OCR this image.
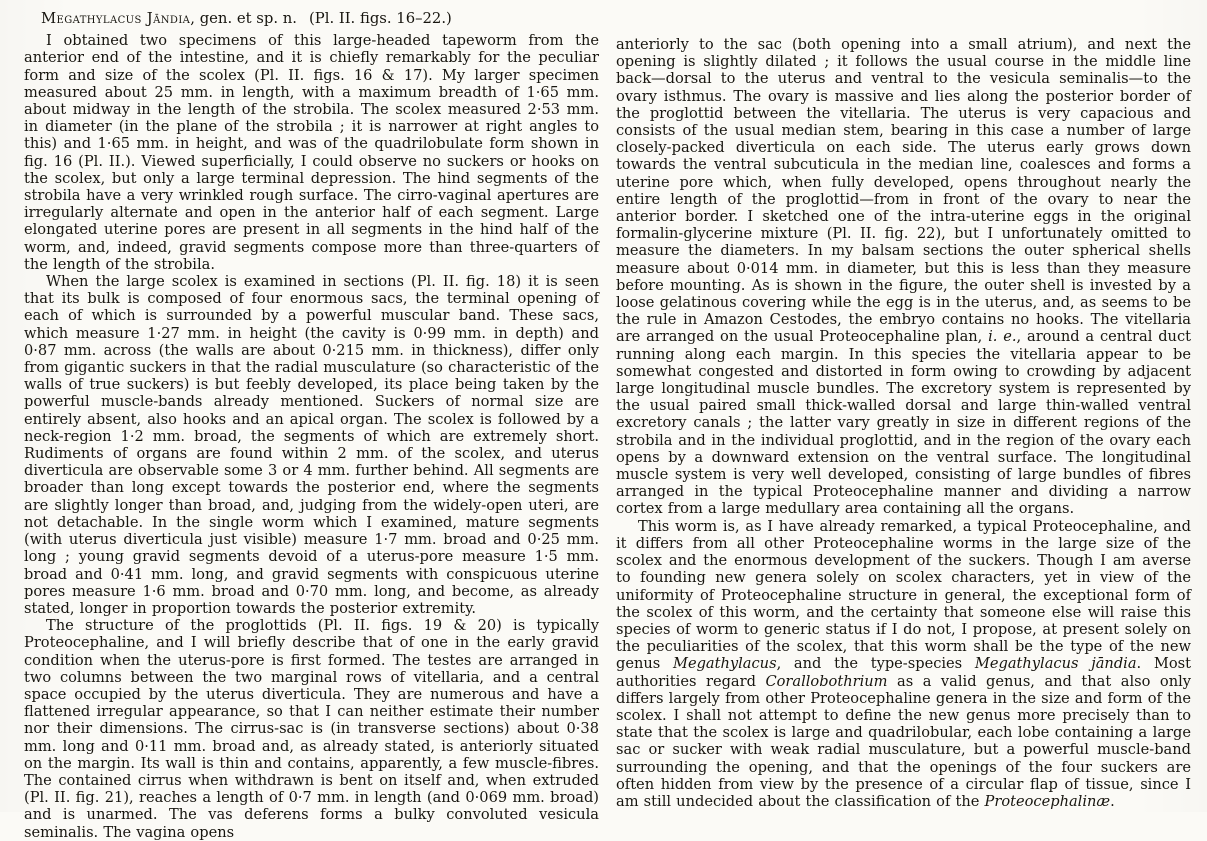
Megathylacus Jāndia, gen. et sp. n. (Pl. II. figs. 16–22.)

I obtained two specimens of this large-headed tapeworm from the anterior end of the intestine, and it is chiefly remarkably for the peculiar form and size of the scolex (Pl. II. figs. 16 & 17). My larger specimen measured about 25 mm. in length, with a maximum breadth of 1·65 mm. about midway in the length of the strobila. The scolex measured 2·53 mm. in diameter (in the plane of the strobila ; it is narrower at right angles to this) and 1·65 mm. in height, and was of the quadrilobulate form shown in fig. 16 (Pl. II.). Viewed superficially, I could observe no suckers or hooks on the scolex, but only a large terminal depression. The hind segments of the strobila have a very wrinkled rough surface. The cirro-vaginal apertures are irregularly alternate and open in the anterior half of each segment. Large elongated uterine pores are present in all segments in the hind half of the worm, and, indeed, gravid segments compose more than three-quarters of the length of the strobila.

When the large scolex is examined in sections (Pl. II. fig. 18) it is seen that its bulk is composed of four enormous sacs, the terminal opening of each of which is surrounded by a powerful muscular band. These sacs, which measure 1·27 mm. in height (the cavity is 0·99 mm. in depth) and 0·87 mm. across (the walls are about 0·215 mm. in thickness), differ only from gigantic suckers in that the radial musculature (so characteristic of the walls of true suckers) is but feebly developed, its place being taken by the powerful muscle-bands already mentioned. Suckers of normal size are entirely absent, also hooks and an apical organ. The scolex is followed by a neck-region 1·2 mm. broad, the segments of which are extremely short. Rudiments of organs are found within 2 mm. of the scolex, and uterus diverticula are observable some 3 or 4 mm. further behind. All segments are broader than long except towards the posterior end, where the segments are slightly longer than broad, and, judging from the widely-open uteri, are not detachable. In the single worm which I examined, mature segments (with uterus diverticula just visible) measure 1·7 mm. broad and 0·25 mm. long ; young gravid segments devoid of a uterus-pore measure 1·5 mm. broad and 0·41 mm. long, and gravid segments with conspicuous uterine pores measure 1·6 mm. broad and 0·70 mm. long, and become, as already stated, longer in proportion towards the posterior extremity.

The structure of the proglottids (Pl. II. figs. 19 & 20) is typically Proteocephaline, and I will briefly describe that of one in the early gravid condition when the uterus-pore is first formed. The testes are arranged in two columns between the two marginal rows of vitellaria, and a central space occupied by the uterus diverticula. They are numerous and have a flattened irregular appearance, so that I can neither estimate their number nor their dimensions. The cirrus-sac is (in transverse sections) about 0·38 mm. long and 0·11 mm. broad and, as already stated, is anteriorly situated on the margin. Its wall is thin and contains, apparently, a few muscle-fibres. The contained cirrus when withdrawn is bent on itself and, when extruded (Pl. II. fig. 21), reaches a length of 0·7 mm. in length (and 0·069 mm. broad) and is unarmed. The vas deferens forms a bulky convoluted vesicula seminalis. The vagina opens

anteriorly to the sac (both opening into a small atrium), and next the opening is slightly dilated ; it follows the usual course in the middle line back—dorsal to the uterus and ventral to the vesicula seminalis—to the ovary isthmus. The ovary is massive and lies along the posterior border of the proglottid between the vitellaria. The uterus is very capacious and consists of the usual median stem, bearing in this case a number of large closely-packed diverticula on each side. The uterus early grows down towards the ventral subcuticula in the median line, coalesces and forms a uterine pore which, when fully developed, opens throughout nearly the entire length of the proglottid—from in front of the ovary to near the anterior border. I sketched one of the intra-uterine eggs in the original formalin-glycerine mixture (Pl. II. fig. 22), but I unfortunately omitted to measure the diameters. In my balsam sections the outer spherical shells measure about 0·014 mm. in diameter, but this is less than they measure before mounting. As is shown in the figure, the outer shell is invested by a loose gelatinous covering while the egg is in the uterus, and, as seems to be the rule in Amazon Cestodes, the embryo contains no hooks. The vitellaria are arranged on the usual Proteocephaline plan, i. e., around a central duct running along each margin. In this species the vitellaria appear to be somewhat congested and distorted in form owing to crowding by adjacent large longitudinal muscle bundles. The excretory system is represented by the usual paired small thick-walled dorsal and large thin-walled ventral excretory canals ; the latter vary greatly in size in different regions of the strobila and in the individual proglottid, and in the region of the ovary each opens by a downward extension on the ventral surface. The longitudinal muscle system is very well developed, consisting of large bundles of fibres arranged in the typical Proteocephaline manner and dividing a narrow cortex from a large medullary area containing all the organs.

This worm is, as I have already remarked, a typical Proteocephaline, and it differs from all other Proteocephaline worms in the large size of the scolex and the enormous development of the suckers. Though I am averse to founding new genera solely on scolex characters, yet in view of the uniformity of Proteocephaline structure in general, the exceptional form of the scolex of this worm, and the certainty that someone else will raise this species of worm to generic status if I do not, I propose, at present solely on the peculiarities of the scolex, that this worm shall be the type of the new genus Megathylacus, and the type-species Megathylacus jāndia. Most authorities regard Corallobothrium as a valid genus, and that also only differs largely from other Proteocephaline genera in the size and form of the scolex. I shall not attempt to define the new genus more precisely than to state that the scolex is large and quadrilobular, each lobe containing a large sac or sucker with weak radial musculature, but a powerful muscle-band surrounding the opening, and that the openings of the four suckers are often hidden from view by the presence of a circular flap of tissue, since I am still undecided about the classification of the Proteocephalinæ.
